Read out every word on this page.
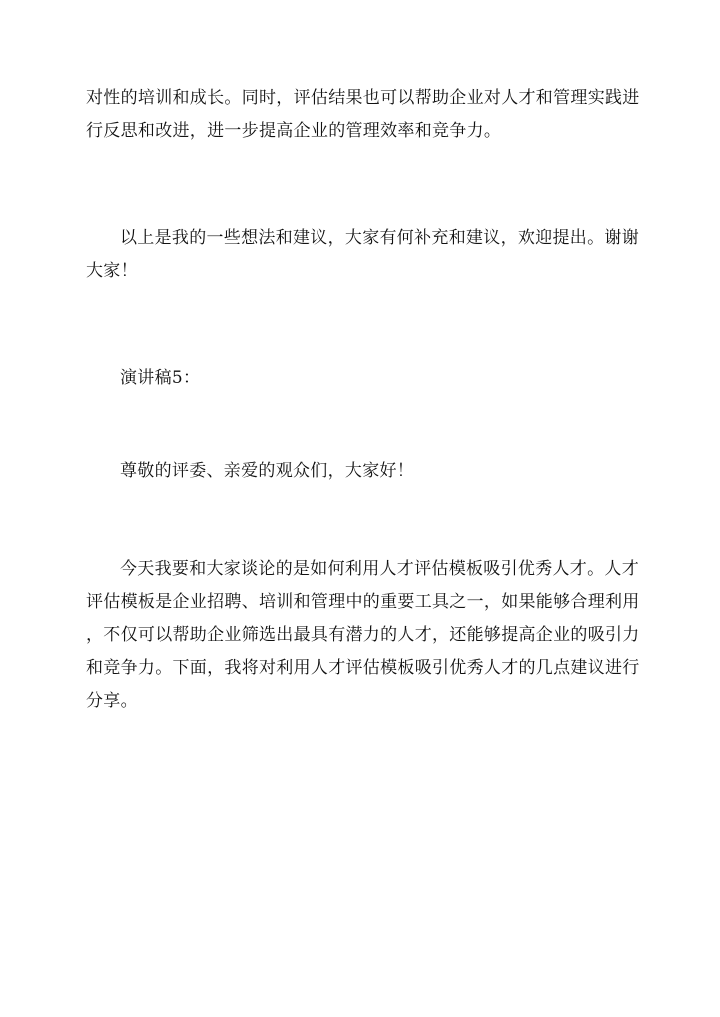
对性的培训和成长。同时，评估结果也可以帮助企业对人才和管理实践进
行反思和改进，进一步提高企业的管理效率和竞争力。
以上是我的一些想法和建议，大家有何补充和建议，欢迎提出。谢谢
大家！
演讲稿5：
尊敬的评委、亲爱的观众们，大家好！
今天我要和大家谈论的是如何利用人才评估模板吸引优秀人才。人才
评估模板是企业招聘、培训和管理中的重要工具之一，如果能够合理利用
，不仅可以帮助企业筛选出最具有潜力的人才，还能够提高企业的吸引力
和竞争力。下面，我将对利用人才评估模板吸引优秀人才的几点建议进行
分享。
